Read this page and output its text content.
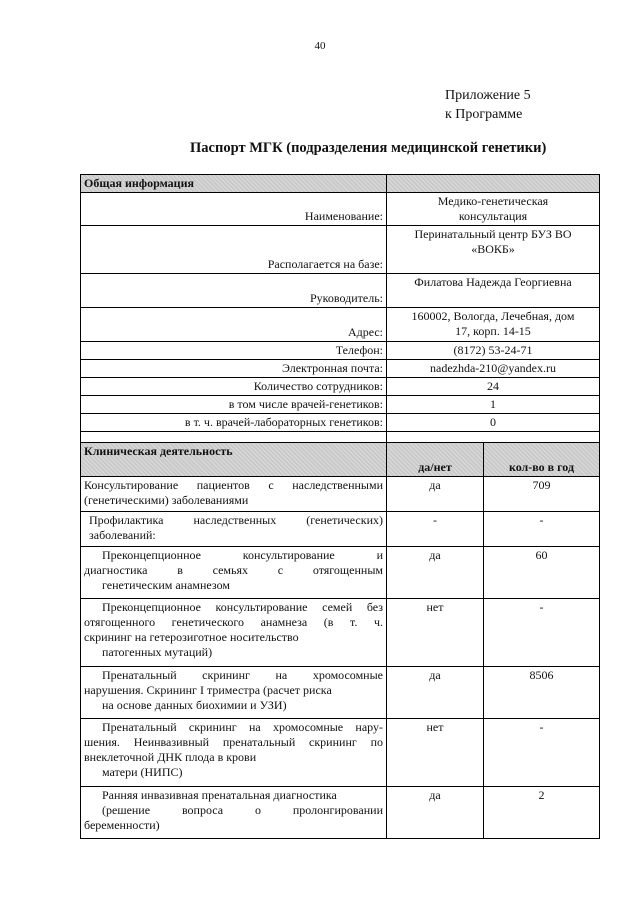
40
Приложение 5
к Программе
Паспорт МГК (подразделения медицинcкой генетики)
Общая информация	
Наименование:	Медико-генетическая
консультация

Располагается на базе:	Перинатальный центр БУЗ ВО
«ВОКБ»

Руководитель:	Филатова Надежда Георгиевна

Адрес:	160002, Вологда, Лечебная, дом
17, корп. 14-15

Телефон:	(8172) 53-24-71
Электронная почта:	nadezhda-210@yandex.ru
Количество сотрудников:	24
в том числе врачей-генетиков:	1
в т. ч. врачей-лабораторных генетиков:	0

Клиническая деятельность	да/нет	кол-во в год

Консультирование пациентов с наследственными
(генетическими) заболеваниями	да	709

Профилактика наследственных (генетических)
заболеваний:	-	-

Преконцепционное консультирование и
диагностика в семьях с отягощенным
генетическим анамнезом	да	60

Преконцепционное консультирование семей без
отягощенного генетического анамнеза (в т. ч.
скрининг на гетерозиготное носительство
патогенных мутаций)	нет	-

Пренатальный скрининг на хромосомные
нарушения. Скрининг I триместра (расчет риска
на основе данных биохимии и УЗИ)	да	8506

Пренатальный скрининг на хромосомные нару-
шения. Неинвазивный пренатальный скрининг по
внеклеточной ДНК плода в крови
матери (НИПС)	нет	-

Ранняя инвазивная пренатальная диагностика
(решение вопроса о пролонгировании
беременности)	да	2
